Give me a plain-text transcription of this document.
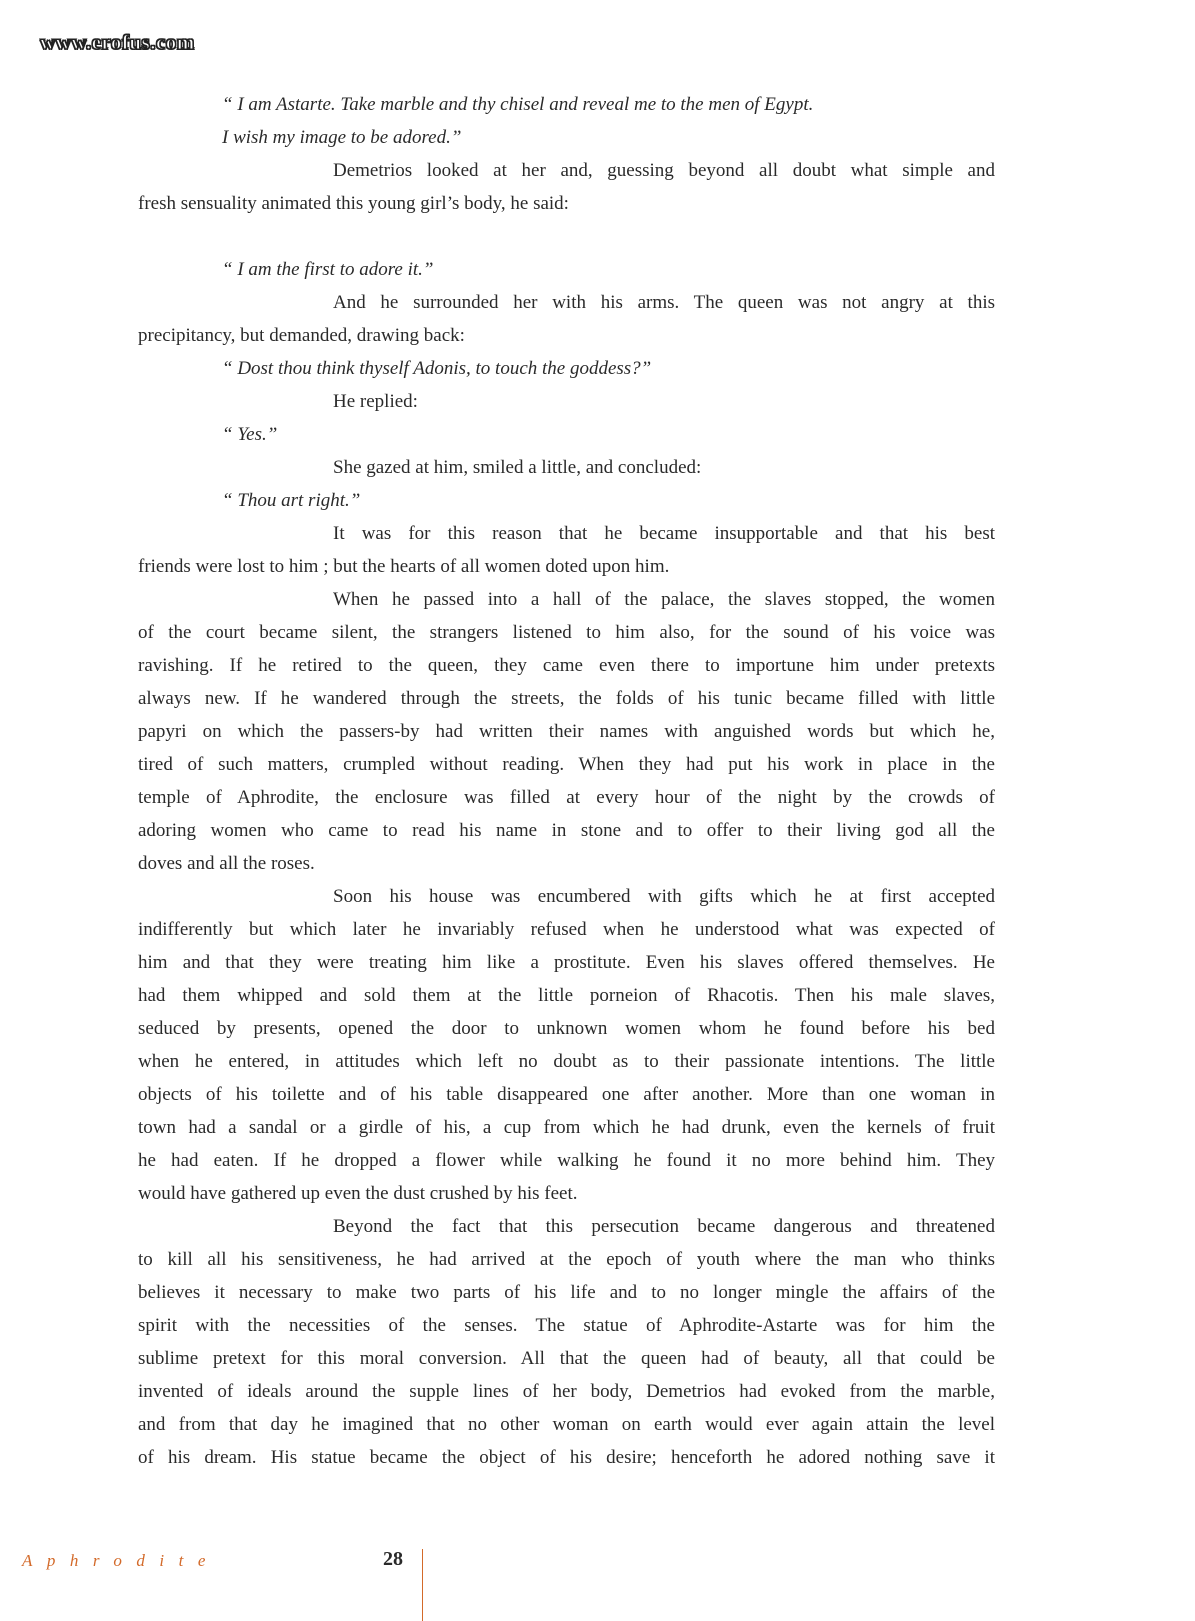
www.erofus.com
“ I am Astarte. Take marble and thy chisel and reveal me to the men of Egypt.
I wish my image to be adored.”
Demetrios looked at her and, guessing beyond all doubt what simple and
fresh sensuality animated this young girl’s body, he said:
“ I am the first to adore it.”
And he surrounded her with his arms. The queen was not angry at this
precipitancy, but demanded, drawing back:
“ Dost thou think thyself Adonis, to touch the goddess?”
He replied:
“ Yes.”
She gazed at him, smiled a little, and concluded:
“ Thou art right.”
It was for this reason that he became insupportable and that his best
friends were lost to him ; but the hearts of all women doted upon him.
When he passed into a hall of the palace, the slaves stopped, the women
of the court became silent, the strangers listened to him also, for the sound of his voice was
ravishing. If he retired to the queen, they came even there to importune him under pretexts
always new. If he wandered through the streets, the folds of his tunic became filled with little
papyri on which the passers-by had written their names with anguished words but which he,
tired of such matters, crumpled without reading. When they had put his work in place in the
temple of Aphrodite, the enclosure was filled at every hour of the night by the crowds of
adoring women who came to read his name in stone and to offer to their living god all the
doves and all the roses.
Soon his house was encumbered with gifts which he at first accepted
indifferently but which later he invariably refused when he understood what was expected of
him and that they were treating him like a prostitute. Even his slaves offered themselves. He
had them whipped and sold them at the little porneion of Rhacotis. Then his male slaves,
seduced by presents, opened the door to unknown women whom he found before his bed
when he entered, in attitudes which left no doubt as to their passionate intentions. The little
objects of his toilette and of his table disappeared one after another. More than one woman in
town had a sandal or a girdle of his, a cup from which he had drunk, even the kernels of fruit
he had eaten. If he dropped a flower while walking he found it no more behind him. They
would have gathered up even the dust crushed by his feet.
Beyond the fact that this persecution became dangerous and threatened
to kill all his sensitiveness, he had arrived at the epoch of youth where the man who thinks
believes it necessary to make two parts of his life and to no longer mingle the affairs of the
spirit with the necessities of the senses. The statue of Aphrodite-Astarte was for him the
sublime pretext for this moral conversion. All that the queen had of beauty, all that could be
invented of ideals around the supple lines of her body, Demetrios had evoked from the marble,
and from that day he imagined that no other woman on earth would ever again attain the level
of his dream. His statue became the object of his desire; henceforth he adored nothing save it
Aphrodite	28
